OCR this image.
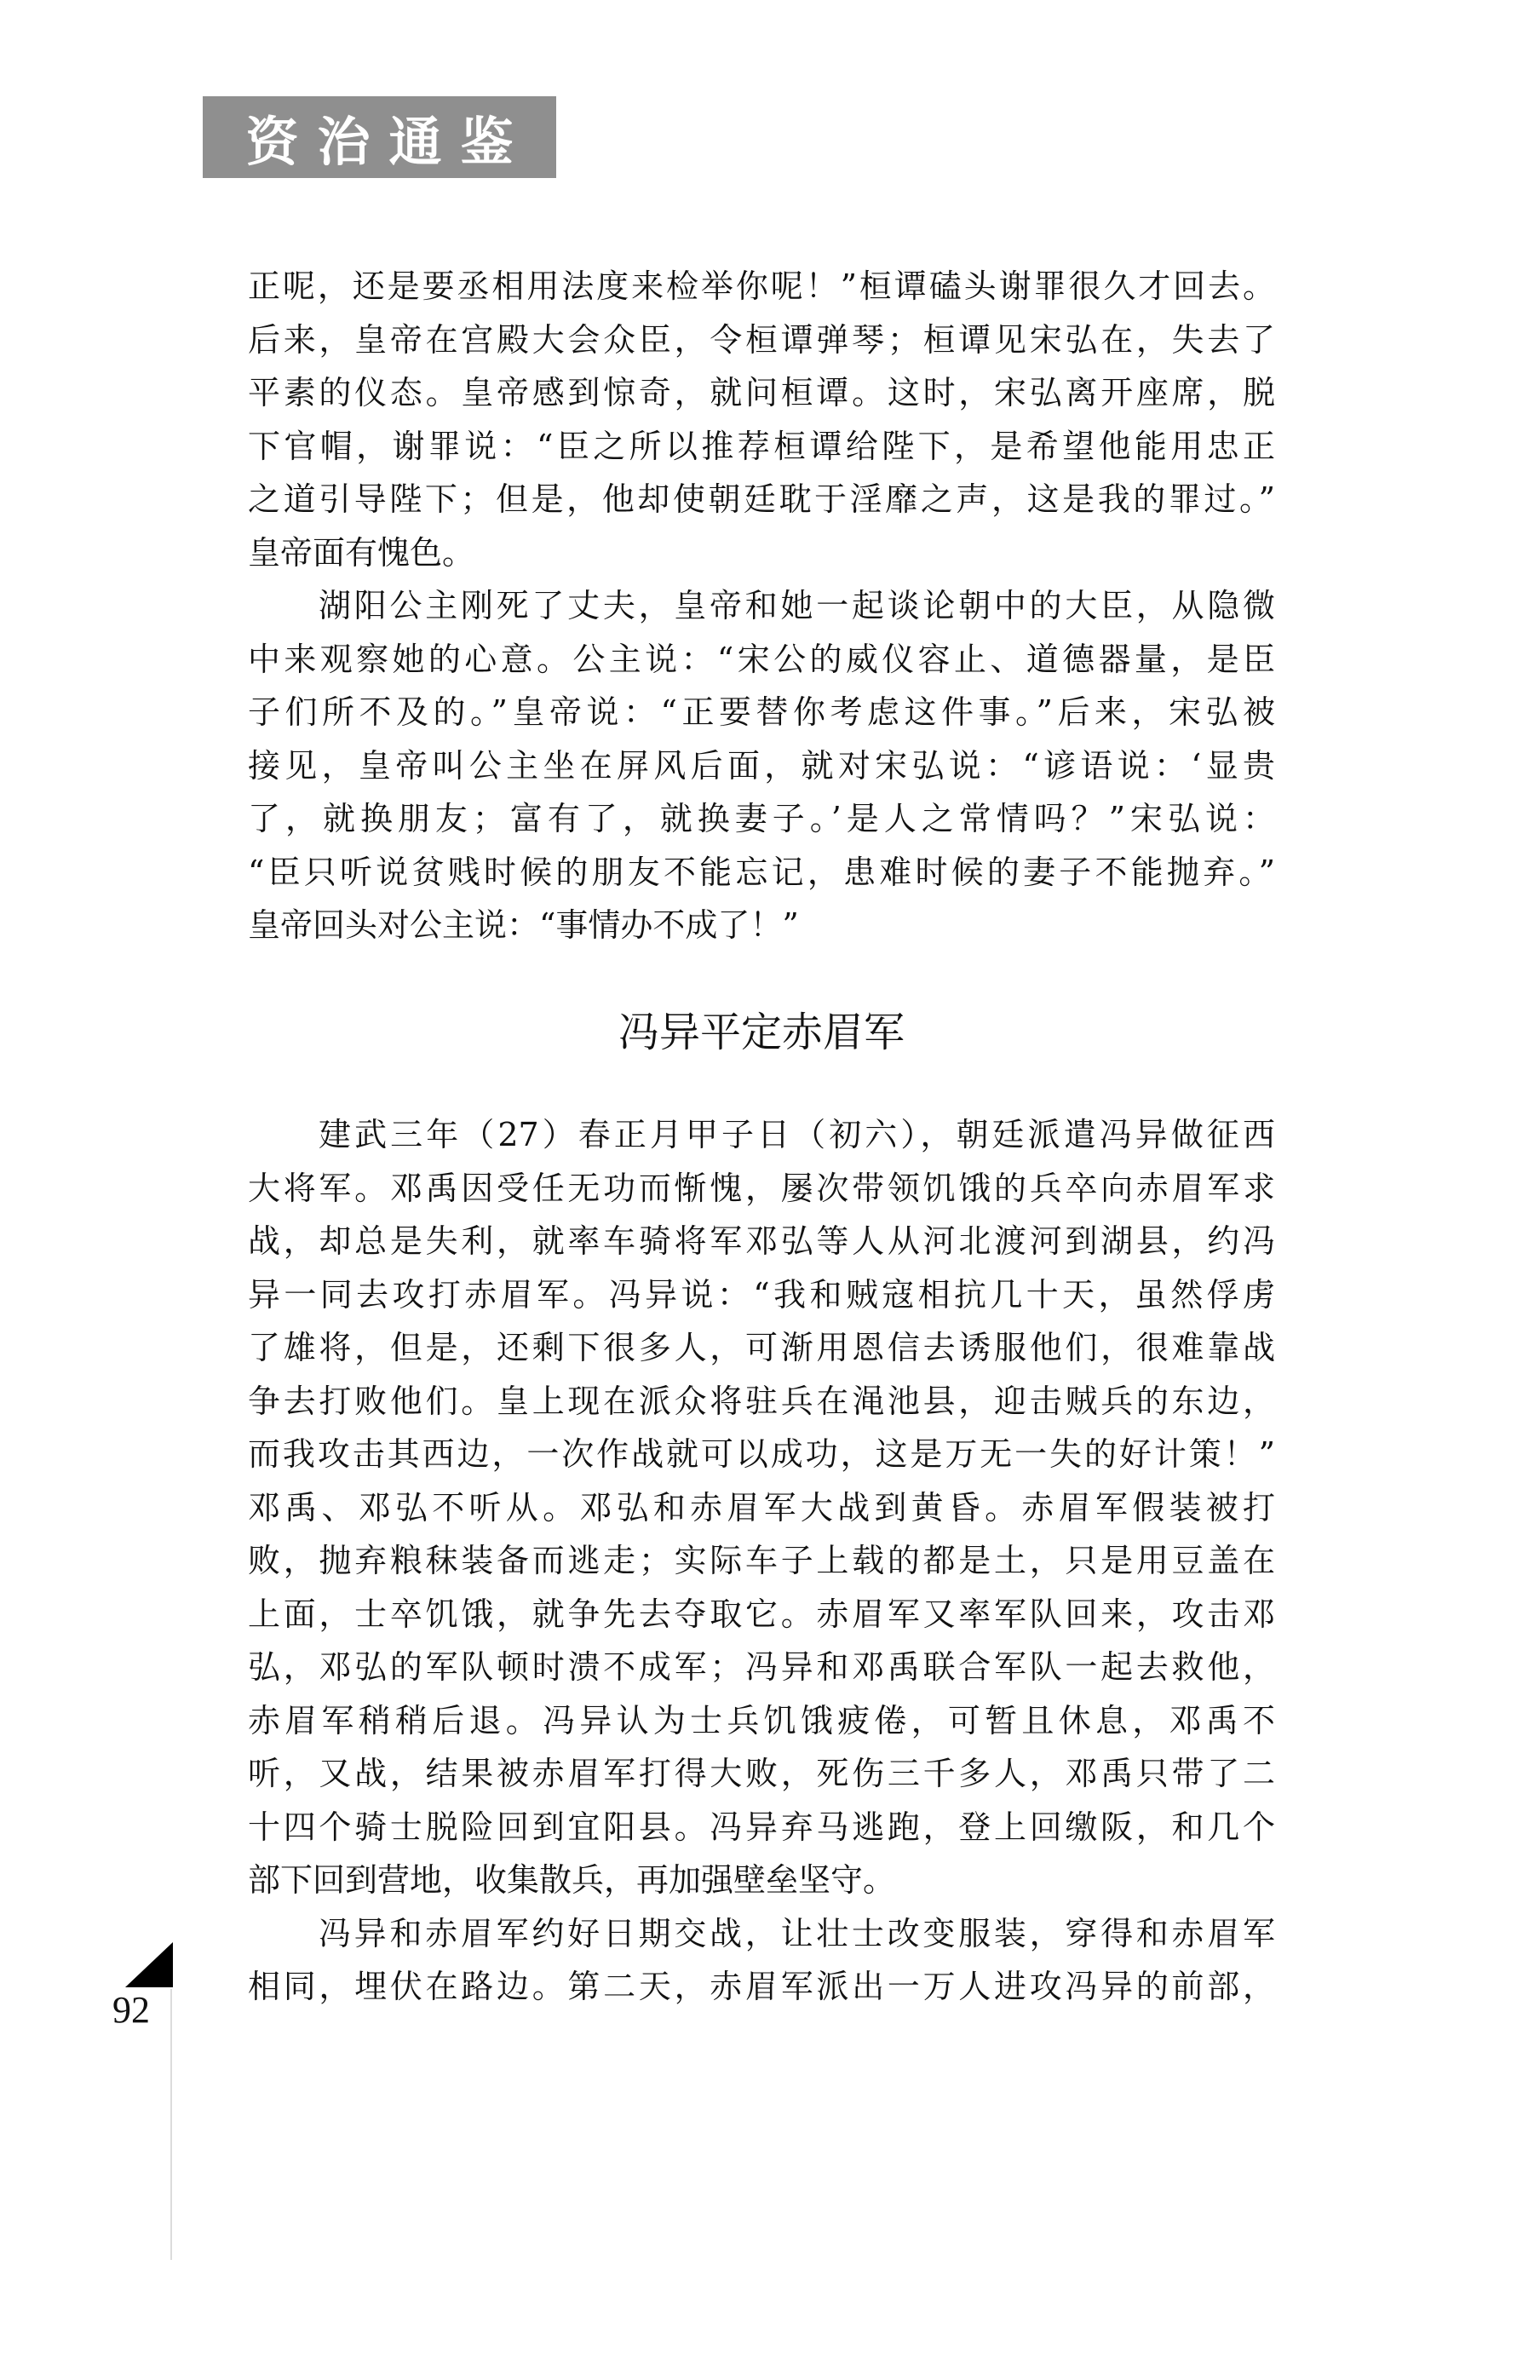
资治通鉴
正呢，还是要丞相用法度来检举你呢！”桓谭磕头谢罪很久才回去。
后来，皇帝在宫殿大会众臣，令桓谭弹琴；桓谭见宋弘在，失去了
平素的仪态。皇帝感到惊奇，就问桓谭。这时，宋弘离开座席，脱
下官帽，谢罪说：“臣之所以推荐桓谭给陛下，是希望他能用忠正
之道引导陛下；但是，他却使朝廷耽于淫靡之声，这是我的罪过。”
皇帝面有愧色。
湖阳公主刚死了丈夫，皇帝和她一起谈论朝中的大臣，从隐微
中来观察她的心意。公主说：“宋公的威仪容止、道德器量，是臣
子们所不及的。”皇帝说：“正要替你考虑这件事。”后来，宋弘被
接见，皇帝叫公主坐在屏风后面，就对宋弘说：“谚语说：‘显贵
了，就换朋友；富有了，就换妻子。’是人之常情吗？”宋弘说：
“臣只听说贫贱时候的朋友不能忘记，患难时候的妻子不能抛弃。”
皇帝回头对公主说：“事情办不成了！”
冯异平定赤眉军
建武三年（27）春正月甲子日（初六），朝廷派遣冯异做征西
大将军。邓禹因受任无功而惭愧，屡次带领饥饿的兵卒向赤眉军求
战，却总是失利，就率车骑将军邓弘等人从河北渡河到湖县，约冯
异一同去攻打赤眉军。冯异说：“我和贼寇相抗几十天，虽然俘虏
了雄将，但是，还剩下很多人，可渐用恩信去诱服他们，很难靠战
争去打败他们。皇上现在派众将驻兵在渑池县，迎击贼兵的东边，
而我攻击其西边，一次作战就可以成功，这是万无一失的好计策！”
邓禹、邓弘不听从。邓弘和赤眉军大战到黄昏。赤眉军假装被打
败，抛弃粮秣装备而逃走；实际车子上载的都是土，只是用豆盖在
上面，士卒饥饿，就争先去夺取它。赤眉军又率军队回来，攻击邓
弘，邓弘的军队顿时溃不成军；冯异和邓禹联合军队一起去救他，
赤眉军稍稍后退。冯异认为士兵饥饿疲倦，可暂且休息，邓禹不
听，又战，结果被赤眉军打得大败，死伤三千多人，邓禹只带了二
十四个骑士脱险回到宜阳县。冯异弃马逃跑，登上回缴阪，和几个
部下回到营地，收集散兵，再加强壁垒坚守。
冯异和赤眉军约好日期交战，让壮士改变服装，穿得和赤眉军
相同，埋伏在路边。第二天，赤眉军派出一万人进攻冯异的前部，
92
